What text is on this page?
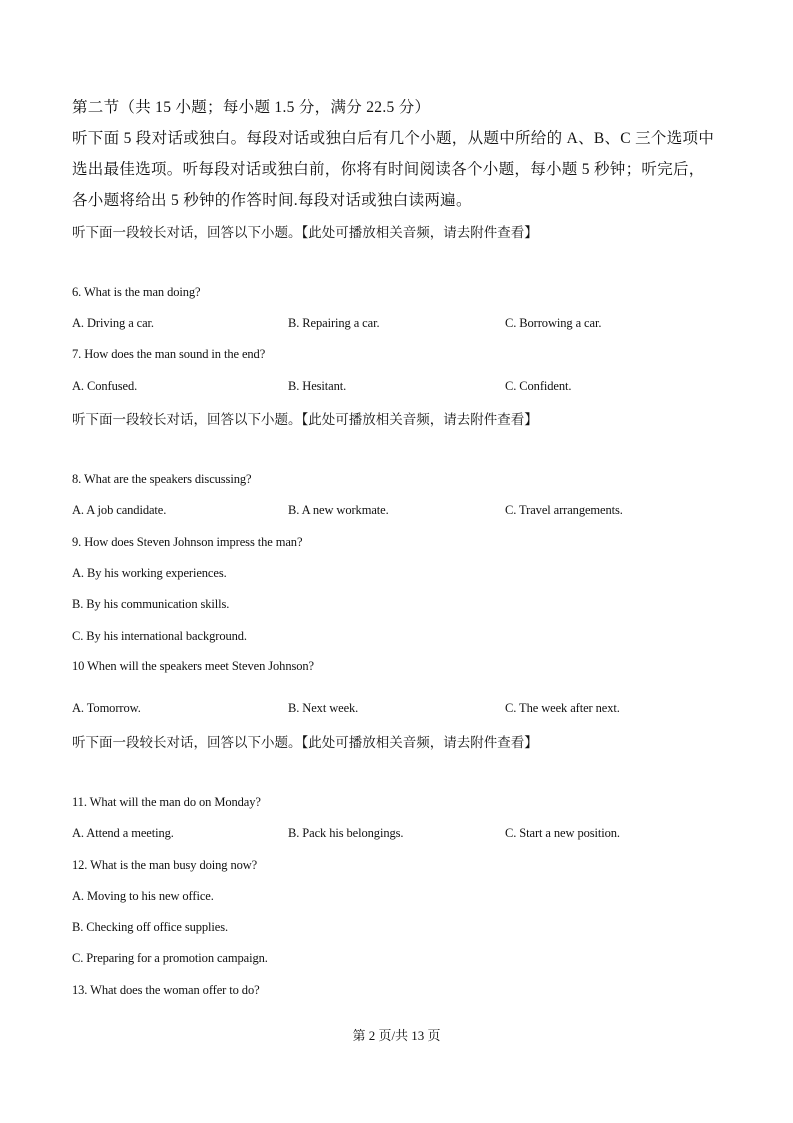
第二节（共 15 小题；每小题 1.5 分，满分 22.5 分）
听下面 5 段对话或独白。每段对话或独白后有几个小题，从题中所给的 A、B、C 三个选项中
选出最佳选项。听每段对话或独白前，你将有时间阅读各个小题，每小题 5 秒钟；听完后，
各小题将给出 5 秒钟的作答时间.每段对话或独白读两遍。
听下面一段较长对话，回答以下小题。【此处可播放相关音频，请去附件查看】
6. What is the man doing?
A. Driving a car.	B. Repairing a car.	C. Borrowing a car.
7. How does the man sound in the end?
A. Confused.	B. Hesitant.	C. Confident.
听下面一段较长对话，回答以下小题。【此处可播放相关音频，请去附件查看】
8. What are the speakers discussing?
A. A job candidate.	B. A new workmate.	C. Travel arrangements.
9. How does Steven Johnson impress the man?
A. By his working experiences.
B. By his communication skills.
C. By his international background.
10 When will the speakers meet Steven Johnson?
A. Tomorrow.	B. Next week.	C. The week after next.
听下面一段较长对话，回答以下小题。【此处可播放相关音频，请去附件查看】
11. What will the man do on Monday?
A. Attend a meeting.	B. Pack his belongings.	C. Start a new position.
12. What is the man busy doing now?
A. Moving to his new office.
B. Checking off office supplies.
C. Preparing for a promotion campaign.
13. What does the woman offer to do?
第 2 页/共 13 页
